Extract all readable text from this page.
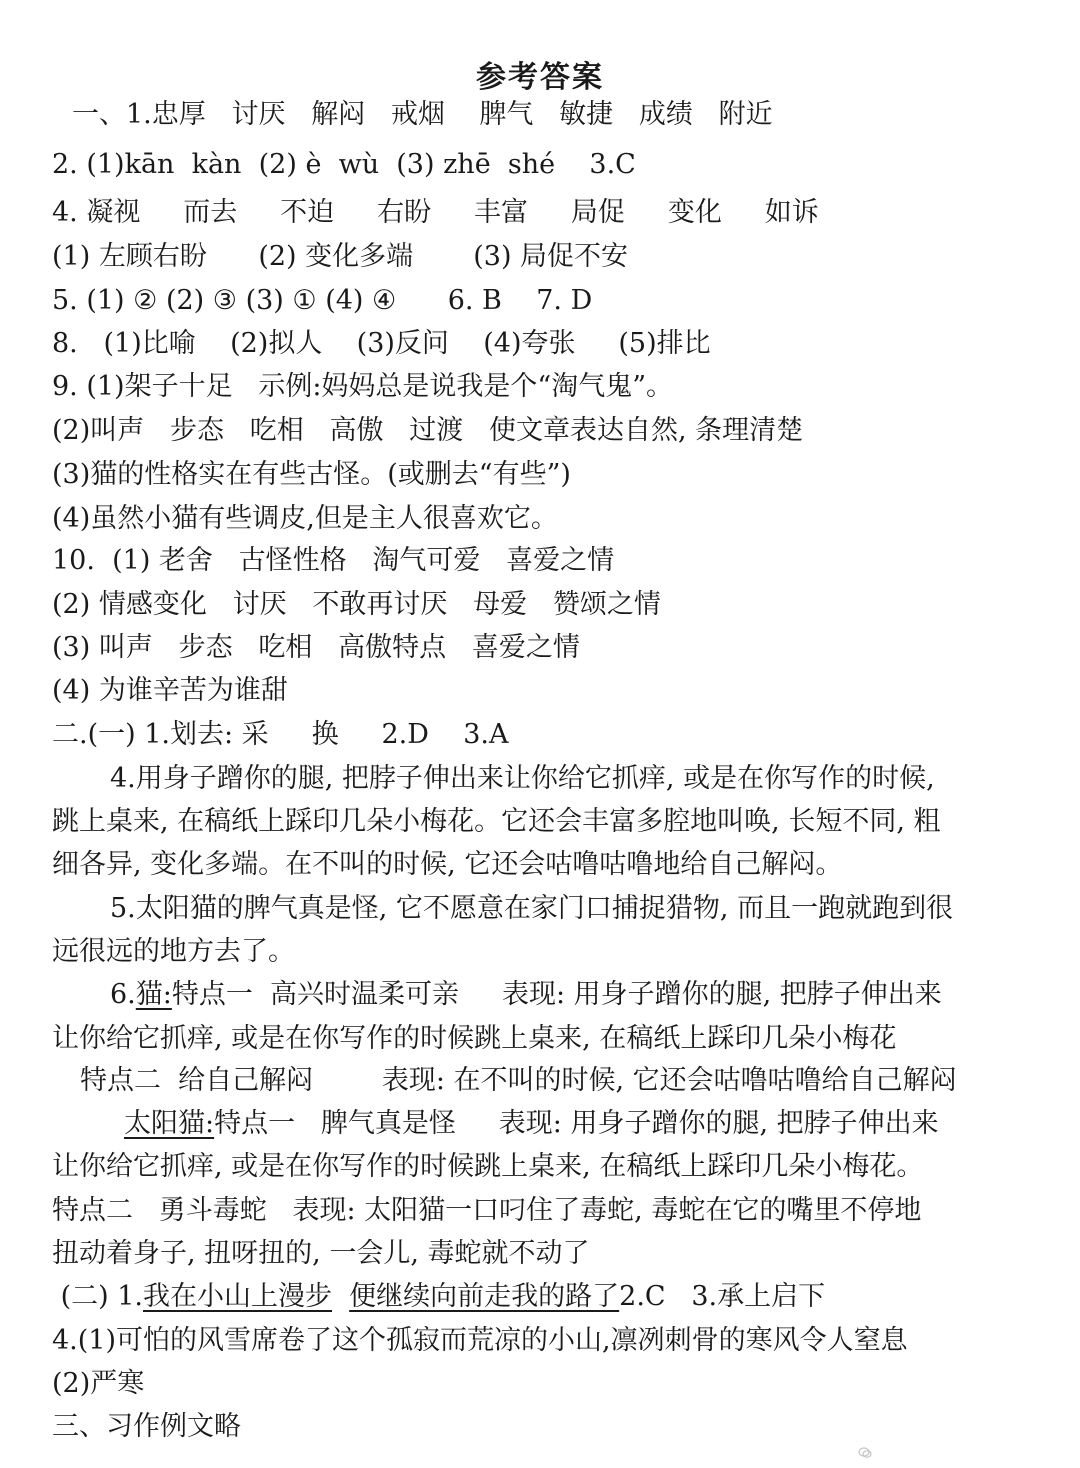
参考答案
一、1.忠厚   讨厌   解闷   戒烟    脾气   敏捷   成绩   附近
2. (1)kān  kàn  (2) è  wù  (3) zhē  shé    3.C
4. 凝视     而去     不迫     右盼     丰富     局促     变化     如诉
(1) 左顾右盼      (2) 变化多端       (3) 局促不安
5. (1) ② (2) ③ (3) ① (4) ④      6. B    7. D
8.   (1)比喻    (2)拟人    (3)反问    (4)夸张     (5)排比
9. (1)架子十足   示例:妈妈总是说我是个“淘气鬼”。
(2)叫声   步态   吃相   高傲   过渡   使文章表达自然, 条理清楚
(3)猫的性格实在有些古怪。(或删去“有些”)
(4)虽然小猫有些调皮,但是主人很喜欢它。
10.  (1) 老舍   古怪性格   淘气可爱   喜爱之情
(2) 情感变化   讨厌   不敢再讨厌   母爱   赞颂之情
(3) 叫声   步态   吃相   高傲特点   喜爱之情
(4) 为谁辛苦为谁甜
二.(一) 1.划去: 采     换     2.D    3.A
4.用身子蹭你的腿, 把脖子伸出来让你给它抓痒, 或是在你写作的时候,
跳上桌来, 在稿纸上踩印几朵小梅花。它还会丰富多腔地叫唤, 长短不同, 粗
细各异, 变化多端。在不叫的时候, 它还会咕噜咕噜地给自己解闷。
5.太阳猫的脾气真是怪, 它不愿意在家门口捕捉猎物, 而且一跑就跑到很
远很远的地方去了。
6.猫:特点一  高兴时温柔可亲     表现: 用身子蹭你的腿, 把脖子伸出来
让你给它抓痒, 或是在你写作的时候跳上桌来, 在稿纸上踩印几朵小梅花
特点二  给自己解闷        表现: 在不叫的时候, 它还会咕噜咕噜给自己解闷
太阳猫:特点一   脾气真是怪     表现: 用身子蹭你的腿, 把脖子伸出来
让你给它抓痒, 或是在你写作的时候跳上桌来, 在稿纸上踩印几朵小梅花。
特点二   勇斗毒蛇   表现: 太阳猫一口叼住了毒蛇, 毒蛇在它的嘴里不停地
扭动着身子, 扭呀扭的, 一会儿, 毒蛇就不动了
(二) 1.我在小山上漫步 便继续向前走我的路了2.C   3.承上启下
4.(1)可怕的风雪席卷了这个孤寂而荒凉的小山,凛冽刺骨的寒风令人窒息
(2)严寒
三、习作例文略
